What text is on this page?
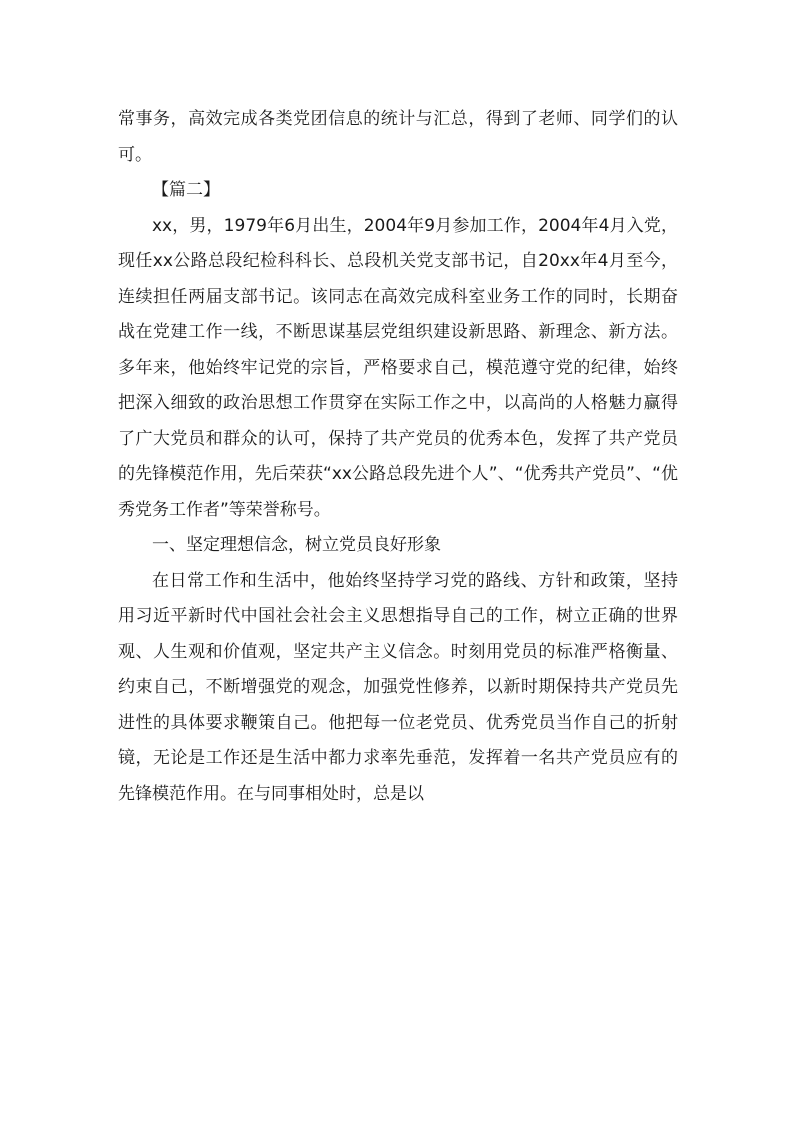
常事务，高效完成各类党团信息的统计与汇总，得到了老师、同学们的认可。

【篇二】

xx，男，1979年6月出生，2004年9月参加工作，2004年4月入党，现任xx公路总段纪检科科长、总段机关党支部书记，自20xx年4月至今，连续担任两届支部书记。该同志在高效完成科室业务工作的同时，长期奋战在党建工作一线，不断思谋基层党组织建设新思路、新理念、新方法。多年来，他始终牢记党的宗旨，严格要求自己，模范遵守党的纪律，始终把深入细致的政治思想工作贯穿在实际工作之中，以高尚的人格魅力赢得了广大党员和群众的认可，保持了共产党员的优秀本色，发挥了共产党员的先锋模范作用，先后荣获“xx公路总段先进个人”、“优秀共产党员”、“优秀党务工作者”等荣誉称号。

一、坚定理想信念，树立党员良好形象

在日常工作和生活中，他始终坚持学习党的路线、方针和政策，坚持用习近平新时代中国社会社会主义思想指导自己的工作，树立正确的世界观、人生观和价值观，坚定共产主义信念。时刻用党员的标准严格衡量、约束自己，不断增强党的观念，加强党性修养，以新时期保持共产党员先进性的具体要求鞭策自己。他把每一位老党员、优秀党员当作自己的折射镜，无论是工作还是生活中都力求率先垂范，发挥着一名共产党员应有的先锋模范作用。在与同事相处时，总是以
